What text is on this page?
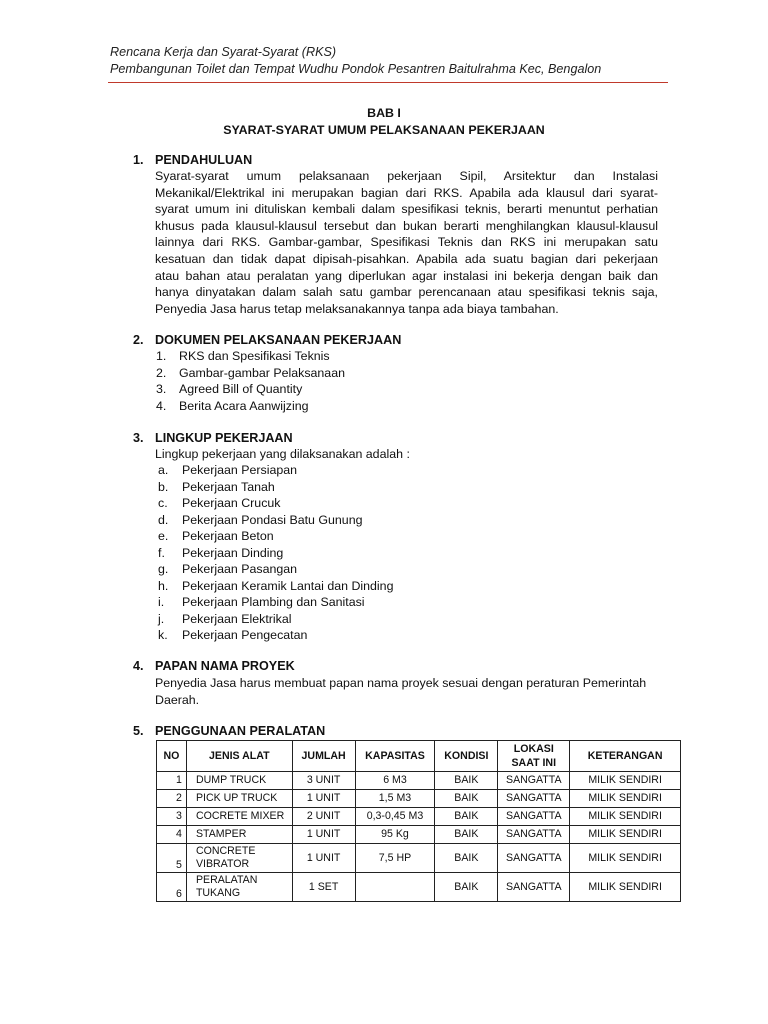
Rencana Kerja dan Syarat-Syarat (RKS)
Pembangunan Toilet dan Tempat Wudhu Pondok Pesantren Baitulrahma Kec, Bengalon
BAB I
SYARAT-SYARAT UMUM PELAKSANAAN PEKERJAAN
1. PENDAHULUAN
Syarat-syarat umum pelaksanaan pekerjaan Sipil, Arsitektur dan Instalasi
Mekanikal/Elektrikal ini merupakan bagian dari RKS. Apabila ada klausul dari syarat-
syarat umum ini dituliskan kembali dalam spesifikasi teknis, berarti menuntut perhatian
khusus pada klausul-klausul tersebut dan bukan berarti menghilangkan klausul-klausul
lainnya dari RKS. Gambar-gambar, Spesifikasi Teknis dan RKS ini merupakan satu
kesatuan dan tidak dapat dipisah-pisahkan. Apabila ada suatu bagian dari pekerjaan
atau bahan atau peralatan yang diperlukan agar instalasi ini bekerja dengan baik dan
hanya dinyatakan dalam salah satu gambar perencanaan atau spesifikasi teknis saja,
Penyedia Jasa harus tetap melaksanakannya tanpa ada biaya tambahan.
2. DOKUMEN PELAKSANAAN PEKERJAAN
1. RKS dan Spesifikasi Teknis
2. Gambar-gambar Pelaksanaan
3. Agreed Bill of Quantity
4. Berita Acara Aanwijzing
3. LINGKUP PEKERJAAN
Lingkup pekerjaan yang dilaksanakan adalah :
a. Pekerjaan Persiapan
b. Pekerjaan Tanah
c. Pekerjaan Crucuk
d. Pekerjaan Pondasi Batu Gunung
e. Pekerjaan Beton
f. Pekerjaan Dinding
g. Pekerjaan Pasangan
h. Pekerjaan Keramik Lantai dan Dinding
i. Pekerjaan Plambing dan Sanitasi
j. Pekerjaan Elektrikal
k. Pekerjaan Pengecatan
4. PAPAN NAMA PROYEK
Penyedia Jasa harus membuat papan nama proyek sesuai dengan peraturan Pemerintah
Daerah.
5. PENGGUNAAN PERALATAN
NO	JENIS ALAT	JUMLAH	KAPASITAS	KONDISI	LOKASI
SAAT INI	KETERANGAN
1	DUMP TRUCK	3 UNIT	6 M3	BAIK	SANGATTA	MILIK SENDIRI
2	PICK UP TRUCK	1 UNIT	1,5 M3	BAIK	SANGATTA	MILIK SENDIRI
3	COCRETE MIXER	2 UNIT	0,3-0,45 M3	BAIK	SANGATTA	MILIK SENDIRI
4	STAMPER	1 UNIT	95 Kg	BAIK	SANGATTA	MILIK SENDIRI
5	CONCRETE
VIBRATOR	1 UNIT	7,5 HP	BAIK	SANGATTA	MILIK SENDIRI
6	PERALATAN
TUKANG	1 SET		BAIK	SANGATTA	MILIK SENDIRI
